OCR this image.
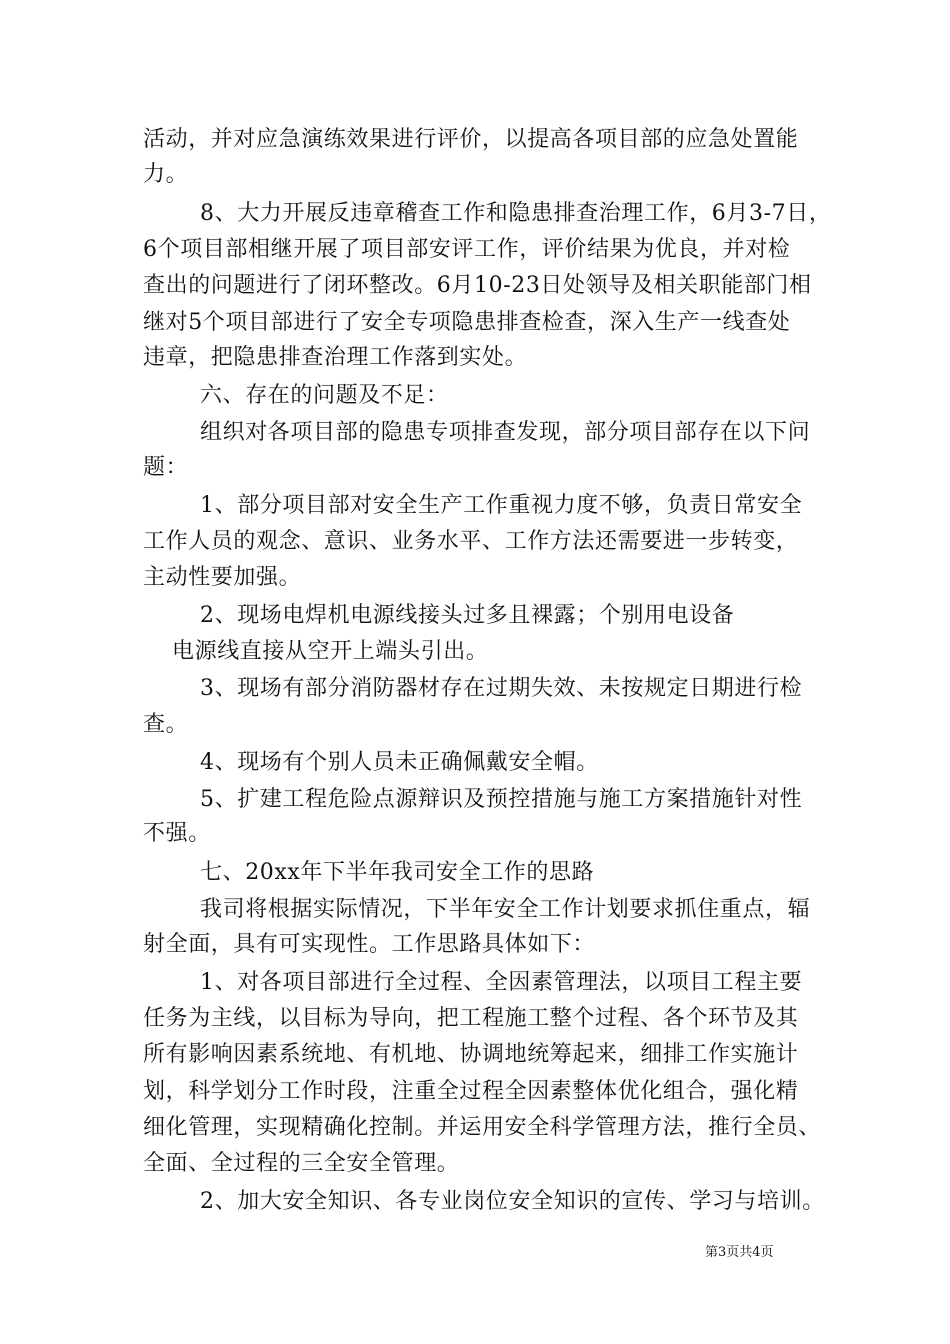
活动，并对应急演练效果进行评价，以提高各项目部的应急处置能
力。
8、大力开展反违章稽查工作和隐患排查治理工作，6月3-7日，
6个项目部相继开展了项目部安评工作，评价结果为优良，并对检
查出的问题进行了闭环整改。6月10-23日处领导及相关职能部门相
继对5个项目部进行了安全专项隐患排查检查，深入生产一线查处
违章，把隐患排查治理工作落到实处。
六、存在的问题及不足：
组织对各项目部的隐患专项排查发现，部分项目部存在以下问
题：
1、部分项目部对安全生产工作重视力度不够，负责日常安全
工作人员的观念、意识、业务水平、工作方法还需要进一步转变，
主动性要加强。
2、现场电焊机电源线接头过多且裸露；个别用电设备
电源线直接从空开上端头引出。
3、现场有部分消防器材存在过期失效、未按规定日期进行检
查。
4、现场有个别人员未正确佩戴安全帽。
5、扩建工程危险点源辩识及预控措施与施工方案措施针对性
不强。
七、20xx年下半年我司安全工作的思路
我司将根据实际情况，下半年安全工作计划要求抓住重点，辐
射全面，具有可实现性。工作思路具体如下：
1、对各项目部进行全过程、全因素管理法，以项目工程主要
任务为主线，以目标为导向，把工程施工整个过程、各个环节及其
所有影响因素系统地、有机地、协调地统筹起来，细排工作实施计
划，科学划分工作时段，注重全过程全因素整体优化组合，强化精
细化管理，实现精确化控制。并运用安全科学管理方法，推行全员、
全面、全过程的三全安全管理。
2、加大安全知识、各专业岗位安全知识的宣传、学习与培训。
第3页共4页
